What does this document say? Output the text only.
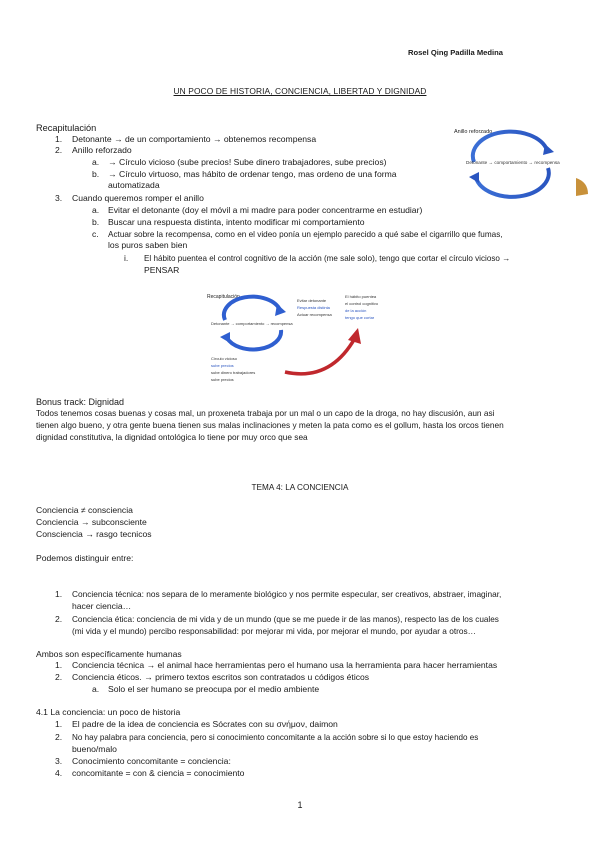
Rosel Qing Padilla Medina
UN POCO DE HISTORIA, CONCIENCIA, LIBERTAD Y DIGNIDAD
Recapitulación
1. Detonante → de un comportamiento → obtenemos recompensa
2. Anillo reforzado
a. → Círculo vicioso (sube precios! Sube dinero trabajadores, sube precios)
b. → Círculo virtuoso, mas hábito de ordenar tengo, mas ordeno de una forma
automatizada
3. Cuando queremos romper el anillo
a. Evitar el detonante (doy el móvil a mi madre para poder concentrarme en estudiar)
b. Buscar una respuesta distinta, intento modificar mi comportamiento
c. Actuar sobre la recompensa, como en el video ponía un ejemplo parecido a qué sabe el cigarrillo que fumas,
los puros saben bien
i. El hábito puentea el control cognitivo de la acción (me sale solo), tengo que cortar el círculo vicioso →
PENSAR
Anillo reforzado
Detonante → comportamiento → recompensa
Recapitulación
Detonante → comportamiento → recompensa
Evitar detonante
Respuesta distinta
Actuar recompensa
El hábito puentea
el control cognitivo
de la acción
tengo que cortar
Círculo vicioso
sube precios
sube dinero trabajadores
sube precios
Bonus track: Dignidad
Todos tenemos cosas buenas y cosas mal, un proxeneta trabaja por un mal o un capo de la droga, no hay discusión, aun asi
tienen algo bueno, y otra gente buena tienen sus malas inclinaciones y meten la pata como es el gollum, hasta los orcos tienen
dignidad constitutiva, la dignidad ontológica lo tiene por muy orco que sea
TEMA 4: LA CONCIENCIA
Conciencia ≠ consciencia
Conciencia → subconsciente
Consciencia → rasgo tecnicos
Podemos distinguir entre:
1. Conciencia técnica: nos separa de lo meramente biológico y nos permite especular, ser creativos, abstraer, imaginar,
hacer ciencia…
2. Conciencia ética: conciencia de mi vida y de un mundo (que se me puede ir de las manos), respecto las de los cuales
(mi vida y el mundo) percibo responsabilidad: por mejorar mi vida, por mejorar el mundo, por ayudar a otros…
Ambos son específicamente humanas
1. Conciencia técnica → el animal hace herramientas pero el humano usa la herramienta para hacer herramientas
2. Conciencia éticos. → primero textos escritos son contratados u códigos éticos
a. Solo el ser humano se preocupa por el medio ambiente
4.1 La conciencia: un poco de historia
1. El padre de la idea de conciencia es Sócrates con su σνήμον, daimon
2. No hay palabra para conciencia, pero si conocimiento concomitante a la acción sobre si lo que estoy haciendo es
bueno/malo
3. Conocimiento concomitante = conciencia:
4. concomitante = con & ciencia = conocimiento
1
